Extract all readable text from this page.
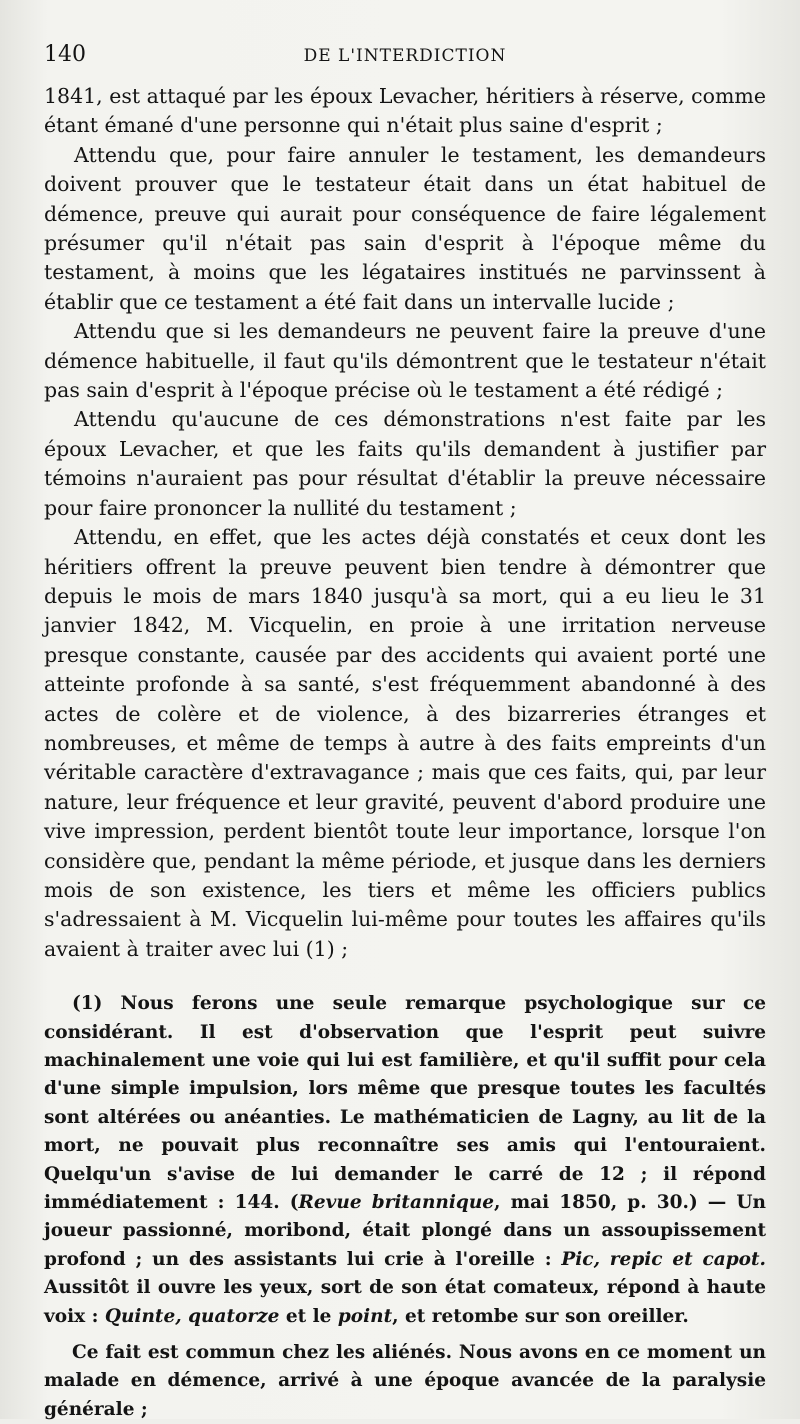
140	DE L'INTERDICTION

1841, est attaqué par les époux Levacher, héritiers à réserve, comme étant émané d'une personne qui n'était plus saine d'esprit ;

Attendu que, pour faire annuler le testament, les demandeurs doivent prouver que le testateur était dans un état habituel de démence, preuve qui aurait pour conséquence de faire légalement présumer qu'il n'était pas sain d'esprit à l'époque même du testament, à moins que les légataires institués ne parvinssent à établir que ce testament a été fait dans un intervalle lucide ;

Attendu que si les demandeurs ne peuvent faire la preuve d'une démence habituelle, il faut qu'ils démontrent que le testateur n'était pas sain d'esprit à l'époque précise où le testament a été rédigé ;

Attendu qu'aucune de ces démonstrations n'est faite par les époux Levacher, et que les faits qu'ils demandent à justifier par témoins n'auraient pas pour résultat d'établir la preuve nécessaire pour faire prononcer la nullité du testament ;

Attendu, en effet, que les actes déjà constatés et ceux dont les héritiers offrent la preuve peuvent bien tendre à démontrer que depuis le mois de mars 1840 jusqu'à sa mort, qui a eu lieu le 31 janvier 1842, M. Vicquelin, en proie à une irritation nerveuse presque constante, causée par des accidents qui avaient porté une atteinte profonde à sa santé, s'est fréquemment abandonné à des actes de colère et de violence, à des bizarreries étranges et nombreuses, et même de temps à autre à des faits empreints d'un véritable caractère d'extravagance ; mais que ces faits, qui, par leur nature, leur fréquence et leur gravité, peuvent d'abord produire une vive impression, perdent bientôt toute leur importance, lorsque l'on considère que, pendant la même période, et jusque dans les derniers mois de son existence, les tiers et même les officiers publics s'adressaient à M. Vicquelin lui-même pour toutes les affaires qu'ils avaient à traiter avec lui (1) ;

(1) Nous ferons une seule remarque psychologique sur ce considérant. Il est d'observation que l'esprit peut suivre machinalement une voie qui lui est familière, et qu'il suffit pour cela d'une simple impulsion, lors même que presque toutes les facultés sont altérées ou anéanties. Le mathématicien de Lagny, au lit de la mort, ne pouvait plus reconnaître ses amis qui l'entouraient. Quelqu'un s'avise de lui demander le carré de 12 ; il répond immédiatement : 144. (Revue britannique, mai 1850, p. 30.) — Un joueur passionné, moribond, était plongé dans un assoupissement profond ; un des assistants lui crie à l'oreille : Pic, repic et capot. Aussitôt il ouvre les yeux, sort de son état comateux, répond à haute voix : Quinte, quatorze et le point, et retombe sur son oreiller.

Ce fait est commun chez les aliénés. Nous avons en ce moment un malade en démence, arrivé à une époque avancée de la paralysie générale ;
